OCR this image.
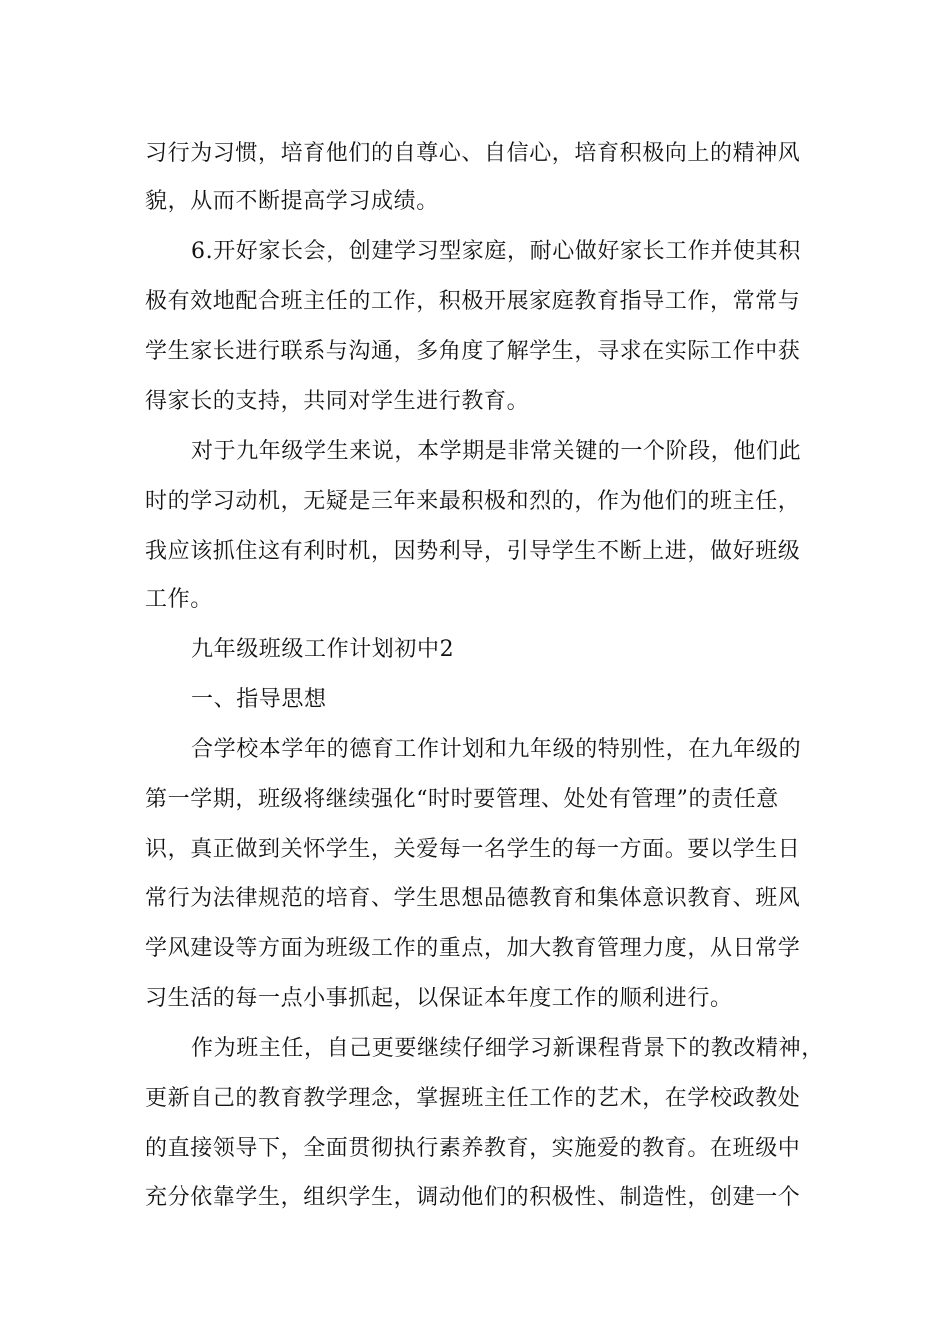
习行为习惯，培育他们的自尊心、自信心，培育积极向上的精神风
貌，从而不断提高学习成绩。
6.开好家长会，创建学习型家庭，耐心做好家长工作并使其积
极有效地配合班主任的工作，积极开展家庭教育指导工作，常常与
学生家长进行联系与沟通，多角度了解学生，寻求在实际工作中获
得家长的支持，共同对学生进行教育。
对于九年级学生来说，本学期是非常关键的一个阶段，他们此
时的学习动机，无疑是三年来最积极和烈的，作为他们的班主任，
我应该抓住这有利时机，因势利导，引导学生不断上进，做好班级
工作。
九年级班级工作计划初中2
一、指导思想
合学校本学年的德育工作计划和九年级的特别性，在九年级的
第一学期，班级将继续强化“时时要管理、处处有管理”的责任意
识，真正做到关怀学生，关爱每一名学生的每一方面。要以学生日
常行为法律规范的培育、学生思想品德教育和集体意识教育、班风
学风建设等方面为班级工作的重点，加大教育管理力度，从日常学
习生活的每一点小事抓起，以保证本年度工作的顺利进行。
作为班主任，自己更要继续仔细学习新课程背景下的教改精神，
更新自己的教育教学理念，掌握班主任工作的艺术，在学校政教处
的直接领导下，全面贯彻执行素养教育，实施爱的教育。在班级中
充分依靠学生，组织学生，调动他们的积极性、制造性，创建一个
